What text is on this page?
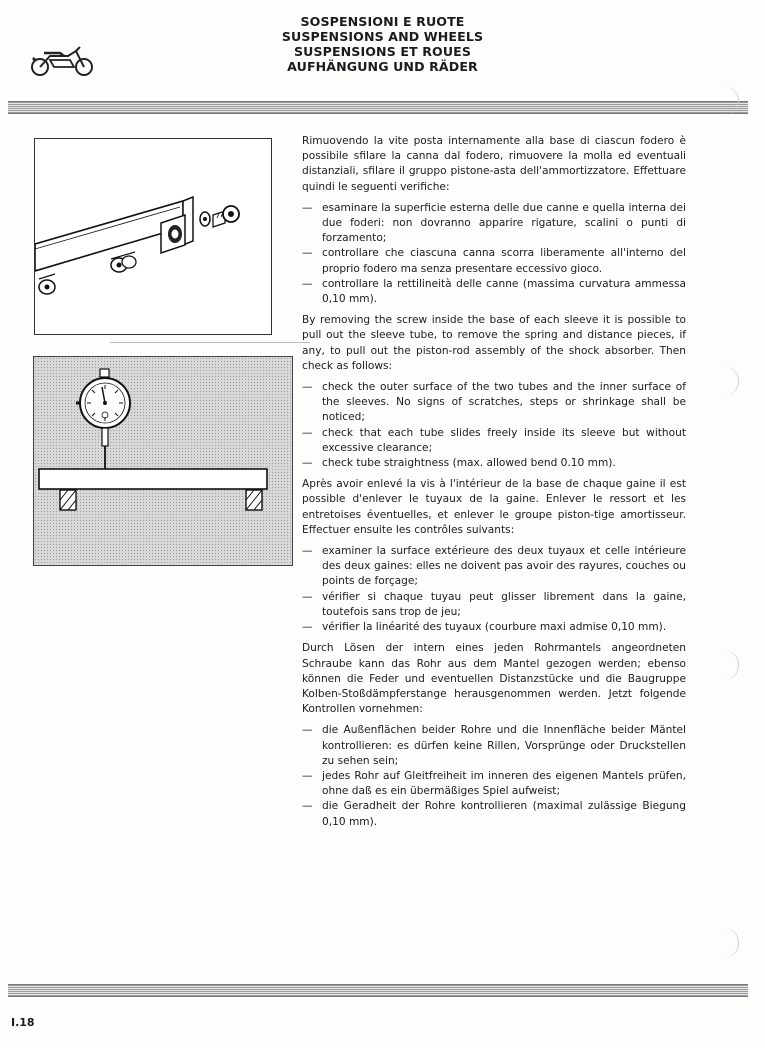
SOSPENSIONI E RUOTE
SUSPENSIONS AND WHEELS
SUSPENSIONS ET ROUES
AUFHÄNGUNG UND RÄDER

Rimuovendo la vite posta internamente alla base di ciascun fodero è possibile sfilare la canna dal fodero, rimuovere la molla ed eventuali distanziali, sfilare il gruppo pistone-asta dell'ammortizzatore. Effettuare quindi le seguenti verifiche:

— esaminare la superficie esterna delle due canne e quella interna dei due foderi: non dovranno apparire rigature, scalini o punti di forzamento;
— controllare che ciascuna canna scorra liberamente all'interno del proprio fodero ma senza presentare eccessivo gioco.
— controllare la rettilineità delle canne (massima curvatura ammessa 0,10 mm).

By removing the screw inside the base of each sleeve it is possible to pull out the sleeve tube, to remove the spring and distance pieces, if any, to pull out the piston-rod assembly of the shock absorber. Then check as follows:

— check the outer surface of the two tubes and the inner surface of the sleeves. No signs of scratches, steps or shrinkage shall be noticed;
— check that each tube slides freely inside its sleeve but without excessive clearance;
— check tube straightness (max. allowed bend 0.10 mm).

Après avoir enlevé la vis à l'intérieur de la base de chaque gaine il est possible d'enlever le tuyaux de la gaine. Enlever le ressort et les entretoises éventuelles, et enlever le groupe piston-tige amortisseur. Effectuer ensuite les contrôles suivants:

— examiner la surface extérieure des deux tuyaux et celle intérieure des deux gaines: elles ne doivent pas avoir des rayures, couches ou points de forçage;
— vérifier si chaque tuyau peut glisser librement dans la gaine, toutefois sans trop de jeu;
— vérifier la linéarité des tuyaux (courbure maxi admise 0,10 mm).

Durch Lösen der intern eines jeden Rohrmantels angeordneten Schraube kann das Rohr aus dem Mantel gezogen werden; ebenso können die Feder und eventuellen Distanzstücke und die Baugruppe Kolben-Stoßdämpferstange herausgenommen werden. Jetzt folgende Kontrollen vornehmen:

— die Außenflächen beider Rohre und die Innenfläche beider Mäntel kontrollieren: es dürfen keine Rillen, Vorsprünge oder Druckstellen zu sehen sein;
— jedes Rohr auf Gleitfreiheit im inneren des eigenen Mantels prüfen, ohne daß es ein übermäßiges Spiel aufweist;
— die Geradheit der Rohre kontrollieren (maximal zulässige Biegung 0,10 mm).
I.18
